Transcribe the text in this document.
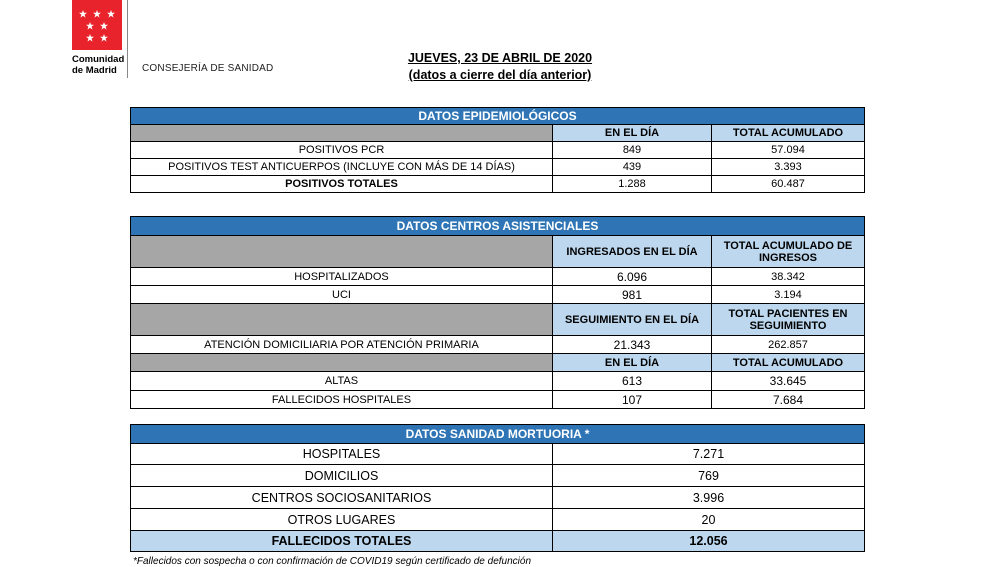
Comunidad
de Madrid	CONSEJERÍA DE SANIDAD
JUEVES, 23 DE ABRIL DE 2020
(datos a cierre del día anterior)
DATOS EPIDEMIOLÓGICOS		
	EN EL DÍA	TOTAL ACUMULADO
POSITIVOS PCR	849	57.094
POSITIVOS TEST ANTICUERPOS (INCLUYE CON MÁS DE 14 DÍAS)	439	3.393
POSITIVOS TOTALES	1.288	60.487
DATOS CENTROS ASISTENCIALES		
	INGRESADOS EN EL DÍA	TOTAL ACUMULADO DE INGRESOS
HOSPITALIZADOS	6.096	38.342
UCI	981	3.194
	SEGUIMIENTO EN EL DÍA	TOTAL PACIENTES EN SEGUIMIENTO
ATENCIÓN DOMICILIARIA POR ATENCIÓN PRIMARIA	21.343	262.857
	EN EL DÍA	TOTAL ACUMULADO
ALTAS	613	33.645
FALLECIDOS HOSPITALES	107	7.684
DATOS SANIDAD MORTUORIA *	
HOSPITALES	7.271
DOMICILIOS	769
CENTROS SOCIOSANITARIOS	3.996
OTROS LUGARES	20
FALLECIDOS TOTALES	12.056
*Fallecidos con sospecha o con confirmación de COVID19 según certificado de defunción
